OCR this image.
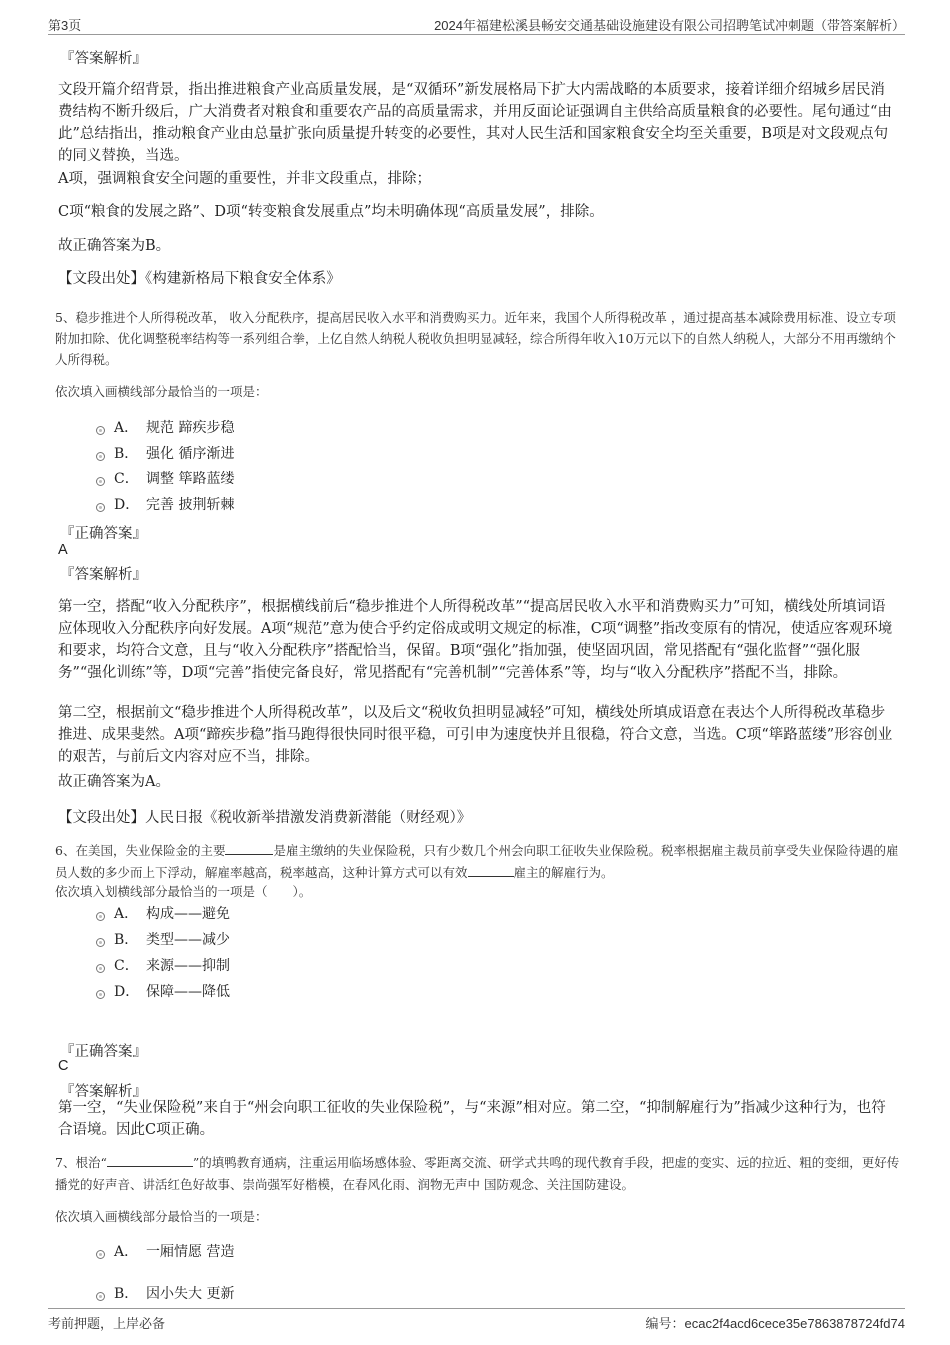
第3页	2024年福建松溪县畅安交通基础设施建设有限公司招聘笔试冲刺题（带答案解析）
『答案解析』
文段开篇介绍背景，指出推进粮食产业高质量发展，是“双循环”新发展格局下扩大内需战略的本质要求，接着详细介绍城乡居民消费结构不断升级后，广大消费者对粮食和重要农产品的高质量需求，并用反面论证强调自主供给高质量粮食的必要性。尾句通过“由此”总结指出，推动粮食产业由总量扩张向质量提升转变的必要性，其对人民生活和国家粮食安全均至关重要，B项是对文段观点句的同义替换，当选。
A项，强调粮食安全问题的重要性，并非文段重点，排除；
C项“粮食的发展之路”、D项“转变粮食发展重点”均未明确体现“高质量发展”，排除。
故正确答案为B。
【文段出处】《构建新格局下粮食安全体系》
5、稳步推进个人所得税改革， 收入分配秩序，提高居民收入水平和消费购买力。近年来，我国个人所得税改革 ，通过提高基本减除费用标准、设立专项附加扣除、优化调整税率结构等一系列组合拳，上亿自然人纳税人税收负担明显减轻，综合所得年收入10万元以下的自然人纳税人，大部分不用再缴纳个人所得税。
依次填入画横线部分最恰当的一项是：
A． 规范 蹄疾步稳
B． 强化 循序渐进
C． 调整 筚路蓝缕
D． 完善 披荆斩棘
『正确答案』
A
『答案解析』
第一空，搭配“收入分配秩序”，根据横线前后“稳步推进个人所得税改革”“提高居民收入水平和消费购买力”可知，横线处所填词语应体现收入分配秩序向好发展。A项“规范”意为使合乎约定俗成或明文规定的标准，C项“调整”指改变原有的情况，使适应客观环境和要求，均符合文意，且与“收入分配秩序”搭配恰当，保留。B项“强化”指加强，使坚固巩固，常见搭配有“强化监督”“强化服务”“强化训练”等，D项“完善”指使完备良好，常见搭配有“完善机制”“完善体系”等，均与“收入分配秩序”搭配不当，排除。
第二空，根据前文“稳步推进个人所得税改革”，以及后文“税收负担明显减轻”可知，横线处所填成语意在表达个人所得税改革稳步推进、成果斐然。A项“蹄疾步稳”指马跑得很快同时很平稳，可引申为速度快并且很稳，符合文意，当选。C项“筚路蓝缕”形容创业的艰苦，与前后文内容对应不当，排除。
故正确答案为A。
【文段出处】人民日报《税收新举措激发消费新潜能（财经观）》
6、在美国，失业保险金的主要	是雇主缴纳的失业保险税，只有少数几个州会向职工征收失业保险税。税率根据雇主裁员前享受失业保险待遇的雇员人数的多少而上下浮动，解雇率越高，税率越高，这种计算方式可以有效	雇主的解雇行为。
依次填入划横线部分最恰当的一项是（　　）。
A． 构成——避免
B． 类型——减少
C． 来源——抑制
D． 保障——降低
『正确答案』
C
『答案解析』
第一空，“失业保险税”来自于“州会向职工征收的失业保险税”，与“来源”相对应。第二空，“抑制解雇行为”指减少这种行为，也符合语境。因此C项正确。
7、根治“	”的填鸭教育通病，注重运用临场感体验、零距离交流、研学式共鸣的现代教育手段，把虚的变实、远的拉近、粗的变细，更好传播党的好声音、讲活红色好故事、崇尚强军好楷模，在春风化雨、润物无声中 国防观念、关注国防建设。
依次填入画横线部分最恰当的一项是：
A． 一厢情愿 营造
B． 因小失大 更新
考前押题，上岸必备	编号：ecac2f4acd6cece35e7863878724fd74
